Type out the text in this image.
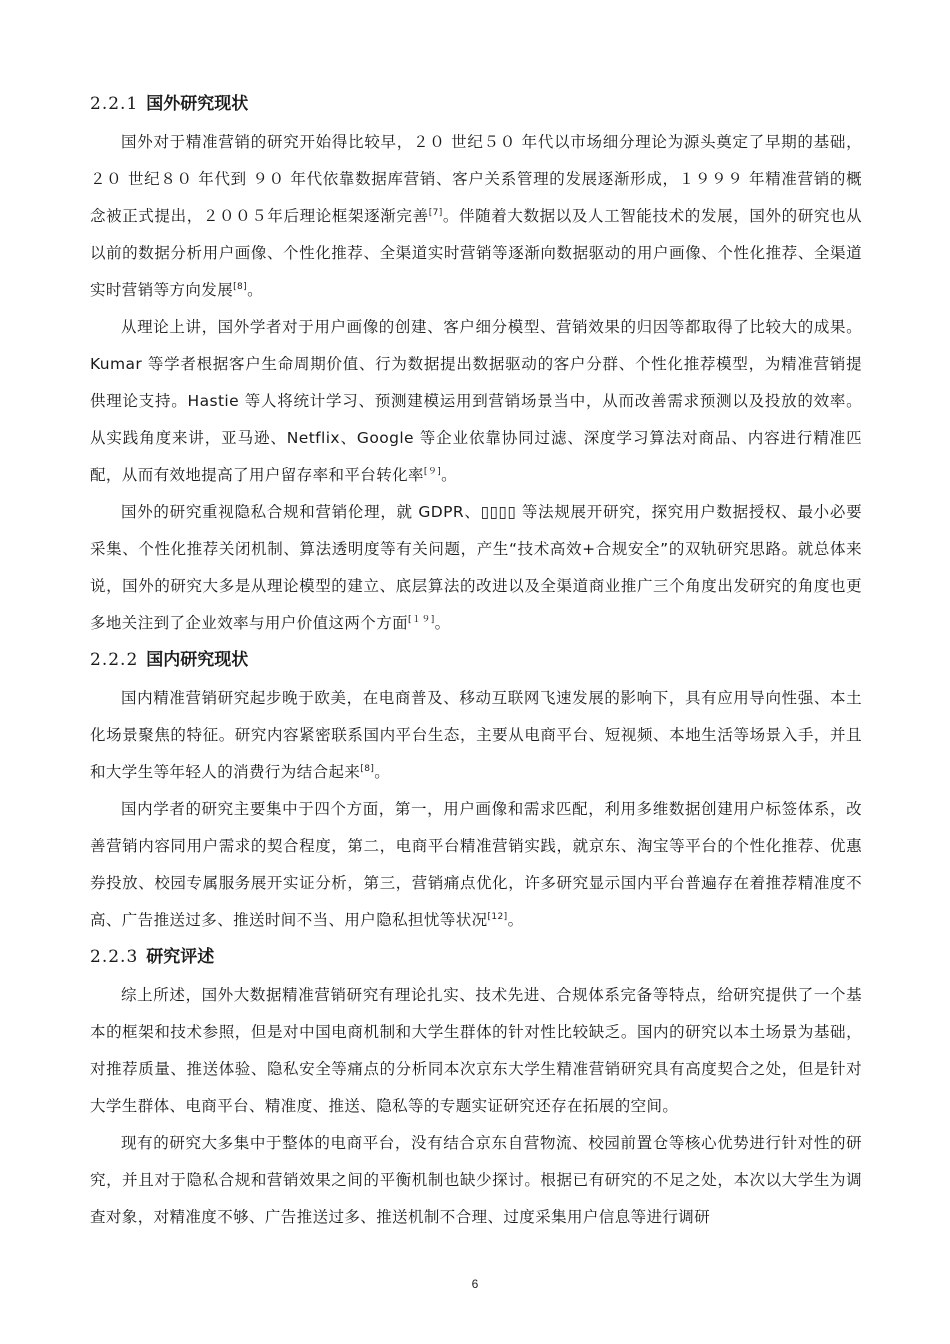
2.2.1 国外研究现状

国外对于精准营销的研究开始得比较早，２０ 世纪５０ 年代以市场细分理论为源头奠定了早期的基础，２０ 世纪８０ 年代到 ９０ 年代依靠数据库营销、客户关系管理的发展逐渐形成，１９９９ 年精准营销的概念被正式提出，２００５年后理论框架逐渐完善[7]。伴随着大数据以及人工智能技术的发展，国外的研究也从以前的数据分析用户画像、个性化推荐、全渠道实时营销等逐渐向数据驱动的用户画像、个性化推荐、全渠道实时营销等方向发展[8]。

从理论上讲，国外学者对于用户画像的创建、客户细分模型、营销效果的归因等都取得了比较大的成果。Kumar 等学者根据客户生命周期价值、行为数据提出数据驱动的客户分群、个性化推荐模型，为精准营销提供理论支持。Hastie 等人将统计学习、预测建模运用到营销场景当中，从而改善需求预测以及投放的效率。从实践角度来讲，亚马逊、Netflix、Google 等企业依靠协同过滤、深度学习算法对商品、内容进行精准匹配，从而有效地提高了用户留存率和平台转化率[９]。

国外的研究重视隐私合规和营销伦理，就 GDPR、▯▯▯▯ 等法规展开研究，探究用户数据授权、最小必要采集、个性化推荐关闭机制、算法透明度等有关问题，产生“技术高效+合规安全”的双轨研究思路。就总体来说，国外的研究大多是从理论模型的建立、底层算法的改进以及全渠道商业推广三个角度出发研究的角度也更多地关注到了企业效率与用户价值这两个方面[１９]。

2.2.2 国内研究现状

国内精准营销研究起步晚于欧美，在电商普及、移动互联网飞速发展的影响下，具有应用导向性强、本土化场景聚焦的特征。研究内容紧密联系国内平台生态，主要从电商平台、短视频、本地生活等场景入手，并且和大学生等年轻人的消费行为结合起来[8]。

国内学者的研究主要集中于四个方面，第一，用户画像和需求匹配，利用多维数据创建用户标签体系，改善营销内容同用户需求的契合程度，第二，电商平台精准营销实践，就京东、淘宝等平台的个性化推荐、优惠券投放、校园专属服务展开实证分析，第三，营销痛点优化，许多研究显示国内平台普遍存在着推荐精准度不高、广告推送过多、推送时间不当、用户隐私担忧等状况[12]。

2.2.3 研究评述

综上所述，国外大数据精准营销研究有理论扎实、技术先进、合规体系完备等特点，给研究提供了一个基本的框架和技术参照，但是对中国电商机制和大学生群体的针对性比较缺乏。国内的研究以本土场景为基础，对推荐质量、推送体验、隐私安全等痛点的分析同本次京东大学生精准营销研究具有高度契合之处，但是针对大学生群体、电商平台、精准度、推送、隐私等的专题实证研究还存在拓展的空间。

现有的研究大多集中于整体的电商平台，没有结合京东自营物流、校园前置仓等核心优势进行针对性的研究，并且对于隐私合规和营销效果之间的平衡机制也缺少探讨。根据已有研究的不足之处，本次以大学生为调查对象，对精准度不够、广告推送过多、推送机制不合理、过度采集用户信息等进行调研

6
